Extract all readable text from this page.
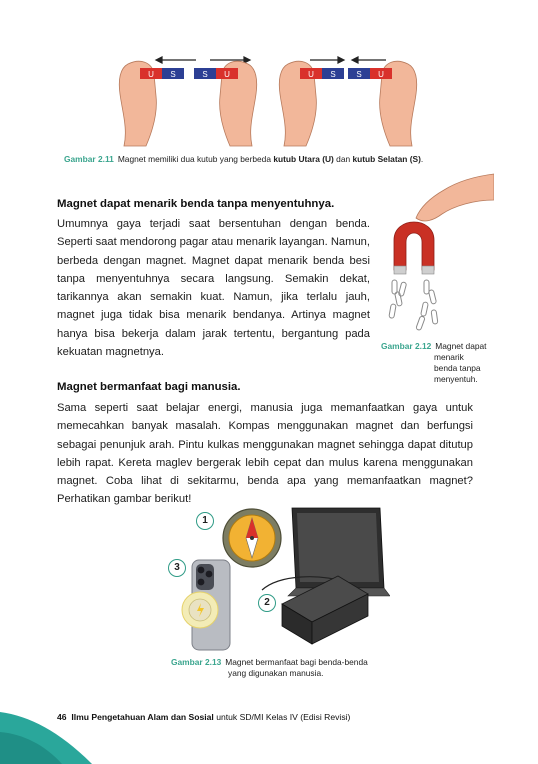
U S	S U	U S	S U
Gambar 2.11 Magnet memiliki dua kutub yang berbeda kutub Utara (U) dan kutub Selatan (S).
Magnet dapat menarik benda tanpa menyentuhnya.

Umumnya gaya terjadi saat bersentuhan dengan benda. Seperti saat mendorong pagar atau menarik layangan. Namun, berbeda dengan magnet. Magnet dapat menarik benda besi tanpa menyentuhnya secara langsung. Semakin dekat, tarikannya akan semakin kuat. Namun, jika terlalu jauh, magnet juga tidak bisa menarik bendanya. Artinya magnet hanya bisa bekerja dalam jarak tertentu, bergantung pada kekuatan magnetnya.

Gambar 2.12 Magnet dapat
menarik
benda tanpa
menyentuh.
Magnet bermanfaat bagi manusia.

Sama seperti saat belajar energi, manusia juga memanfaatkan gaya untuk memecahkan banyak masalah. Kompas menggunakan magnet dan berfungsi sebagai penunjuk arah. Pintu kulkas menggunakan magnet sehingga dapat ditutup lebih rapat. Kereta maglev bergerak lebih cepat dan mulus karena menggunakan magnet. Coba lihat di sekitarmu, benda apa yang memanfaatkan magnet? Perhatikan gambar berikut!

1
2
3
Gambar 2.13 Magnet bermanfaat bagi benda-benda
yang digunakan manusia.
46 Ilmu Pengetahuan Alam dan Sosial untuk SD/MI Kelas IV (Edisi Revisi)
